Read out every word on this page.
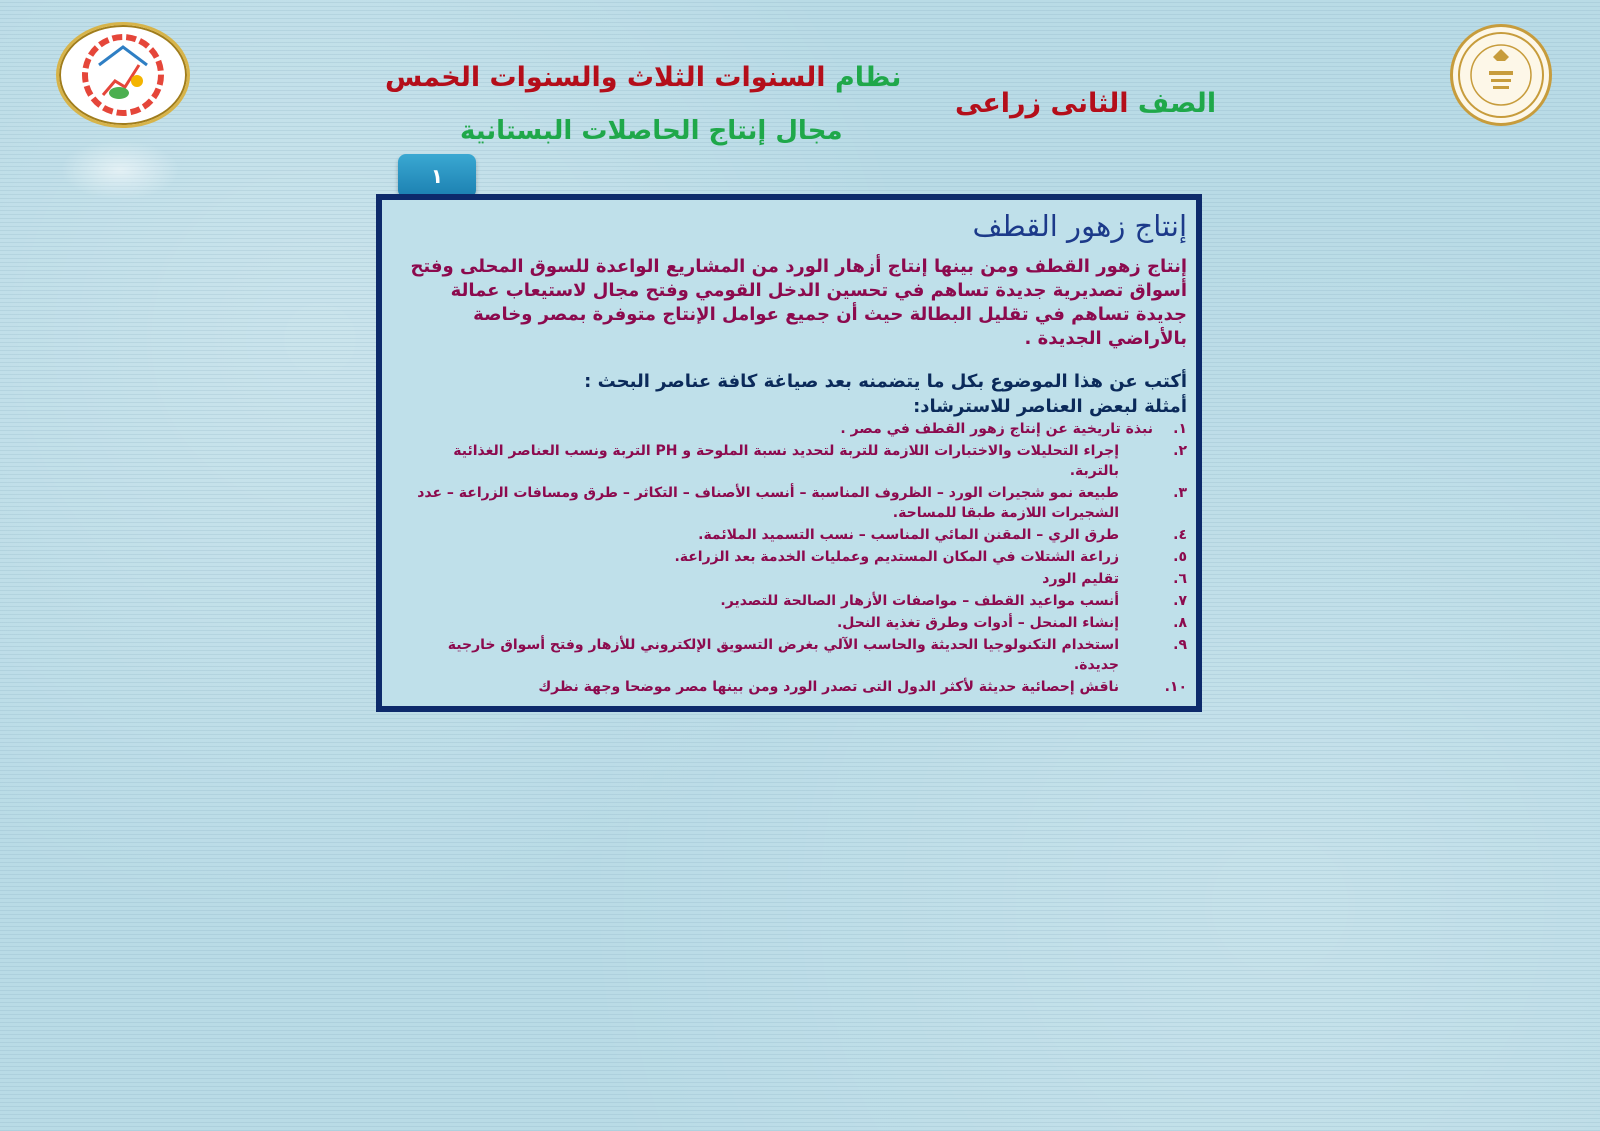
نظام السنوات الثلاث والسنوات الخمس
مجال إنتاج الحاصلات البستانية
الصف الثانى زراعى
١
إنتاج زهور القطف
إنتاج زهور القطف ومن بينها إنتاج أزهار الورد من المشاريع الواعدة للسوق المحلى وفتح أسواق تصديرية جديدة تساهم في تحسين الدخل القومي وفتح مجال لاستيعاب عمالة جديدة تساهم في تقليل البطالة حيث أن جميع عوامل الإنتاج متوفرة بمصر وخاصة بالأراضي الجديدة .
أكتب عن هذا الموضوع بكل ما يتضمنه بعد صياغة كافة عناصر البحث :
أمثلة لبعض العناصر للاسترشاد:
١.
نبذة تاريخية عن إنتاج زهور القطف في مصر .
٢.
إجراء التحليلات والاختبارات اللازمة للتربة لتحديد نسبة الملوحة و PH التربة ونسب العناصر الغذائية بالتربة.
٣.
طبيعة نمو شجيرات الورد – الظروف المناسبة – أنسب الأصناف – التكاثر – طرق ومسافات الزراعة – عدد الشجيرات اللازمة طبقا للمساحة.
٤.
طرق الري – المقنن المائي المناسب – نسب التسميد الملائمة.
٥.
زراعة الشتلات في المكان المستديم وعمليات الخدمة بعد الزراعة.
٦.
تقليم الورد
٧.
أنسب مواعيد القطف – مواصفات الأزهار الصالحة للتصدير.
٨.
إنشاء المنحل – أدوات وطرق تغذية النحل.
٩.
استخدام التكنولوجيا الحديثة والحاسب الآلي بغرض التسويق الإلكتروني للأزهار وفتح أسواق خارجية جديدة.
١٠.
ناقش إحصائية حديثة لأكثر الدول التى تصدر الورد ومن بينها مصر موضحا وجهة نظرك
